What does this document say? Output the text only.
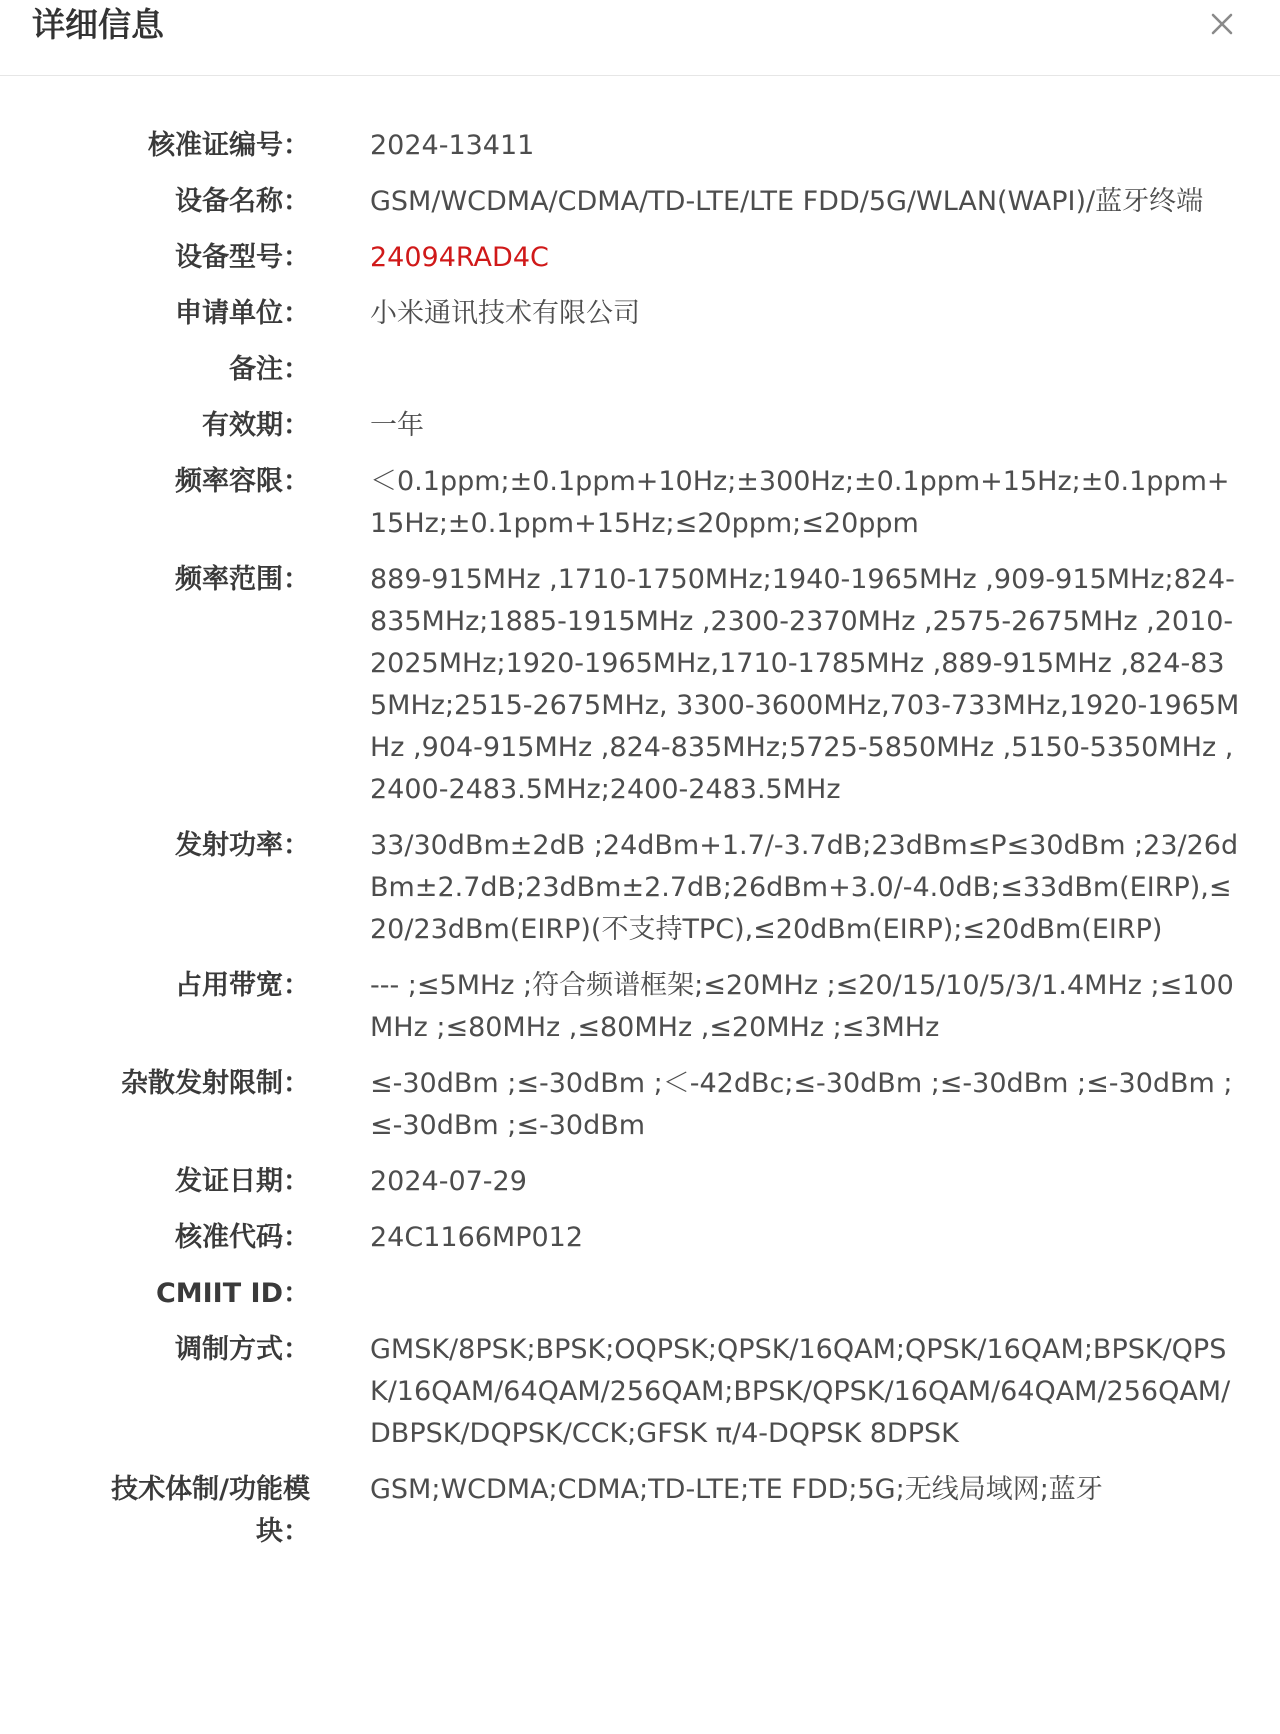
详细信息
核准证编号： 2024-13411
设备名称： GSM/WCDMA/CDMA/TD-LTE/LTE FDD/5G/WLAN(WAPI)/蓝牙终端
设备型号： 24094RAD4C
申请单位： 小米通讯技术有限公司
备注：
有效期： 一年
频率容限： ＜0.1ppm;±0.1ppm+10Hz;±300Hz;±0.1ppm+15Hz;±0.1ppm+15Hz;±0.1ppm+15Hz;≤20ppm;≤20ppm
频率范围： 889-915MHz ,1710-1750MHz;1940-1965MHz ,909-915MHz;824-835MHz;1885-1915MHz ,2300-2370MHz ,2575-2675MHz ,2010-2025MHz;1920-1965MHz,1710-1785MHz ,889-915MHz ,824-835MHz;2515-2675MHz, 3300-3600MHz,703-733MHz,1920-1965MHz ,904-915MHz ,824-835MHz;5725-5850MHz ,5150-5350MHz ,2400-2483.5MHz;2400-2483.5MHz
发射功率： 33/30dBm±2dB ;24dBm+1.7/-3.7dB;23dBm≤P≤30dBm ;23/26dBm±2.7dB;23dBm±2.7dB;26dBm+3.0/-4.0dB;≤33dBm(EIRP),≤20/23dBm(EIRP)(不支持TPC),≤20dBm(EIRP);≤20dBm(EIRP)
占用带宽： --- ;≤5MHz ;符合频谱框架;≤20MHz ;≤20/15/10/5/3/1.4MHz ;≤100MHz ;≤80MHz ,≤80MHz ,≤20MHz ;≤3MHz
杂散发射限制： ≤-30dBm ;≤-30dBm ;＜-42dBc;≤-30dBm ;≤-30dBm ;≤-30dBm ;≤-30dBm ;≤-30dBm
发证日期： 2024-07-29
核准代码： 24C1166MP012
CMIIT ID：
调制方式： GMSK/8PSK;BPSK;OQPSK;QPSK/16QAM;QPSK/16QAM;BPSK/QPSK/16QAM/64QAM/256QAM;BPSK/QPSK/16QAM/64QAM/256QAM/DBPSK/DQPSK/CCK;GFSK π/4-DQPSK 8DPSK
技术体制/功能模块：
GSM;WCDMA;CDMA;TD-LTE;TE FDD;5G;无线局域网;蓝牙
